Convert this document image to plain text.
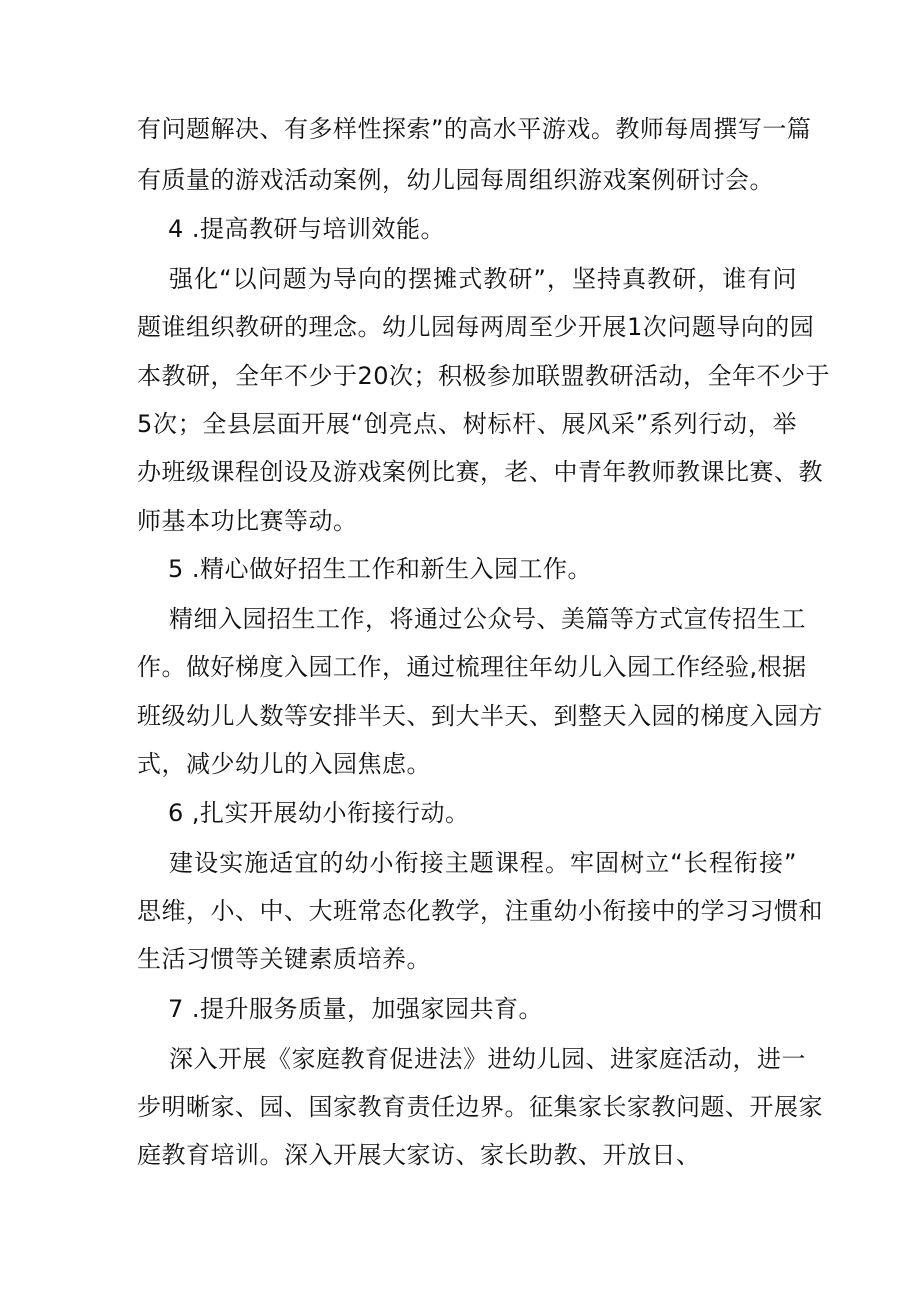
有问题解决、有多样性探索”的高水平游戏。教师每周撰写一篇
有质量的游戏活动案例，幼儿园每周组织游戏案例研讨会。
4 .提高教研与培训效能。
强化“以问题为导向的摆摊式教研”，坚持真教研，谁有问
题谁组织教研的理念。幼儿园每两周至少开展1次问题导向的园
本教研，全年不少于20次；积极参加联盟教研活动，全年不少于
5次；全县层面开展“创亮点、树标杆、展风采”系列行动，举
办班级课程创设及游戏案例比赛，老、中青年教师教课比赛、教
师基本功比赛等动。
5 .精心做好招生工作和新生入园工作。
精细入园招生工作，将通过公众号、美篇等方式宣传招生工
作。做好梯度入园工作，通过梳理往年幼儿入园工作经验,根据
班级幼儿人数等安排半天、到大半天、到整天入园的梯度入园方
式，减少幼儿的入园焦虑。
6 ,扎实开展幼小衔接行动。
建设实施适宜的幼小衔接主题课程。牢固树立“长程衔接”
思维，小、中、大班常态化教学，注重幼小衔接中的学习习惯和
生活习惯等关键素质培养。
7 .提升服务质量，加强家园共育。
深入开展《家庭教育促进法》进幼儿园、进家庭活动，进一
步明晰家、园、国家教育责任边界。征集家长家教问题、开展家
庭教育培训。深入开展大家访、家长助教、开放日、
